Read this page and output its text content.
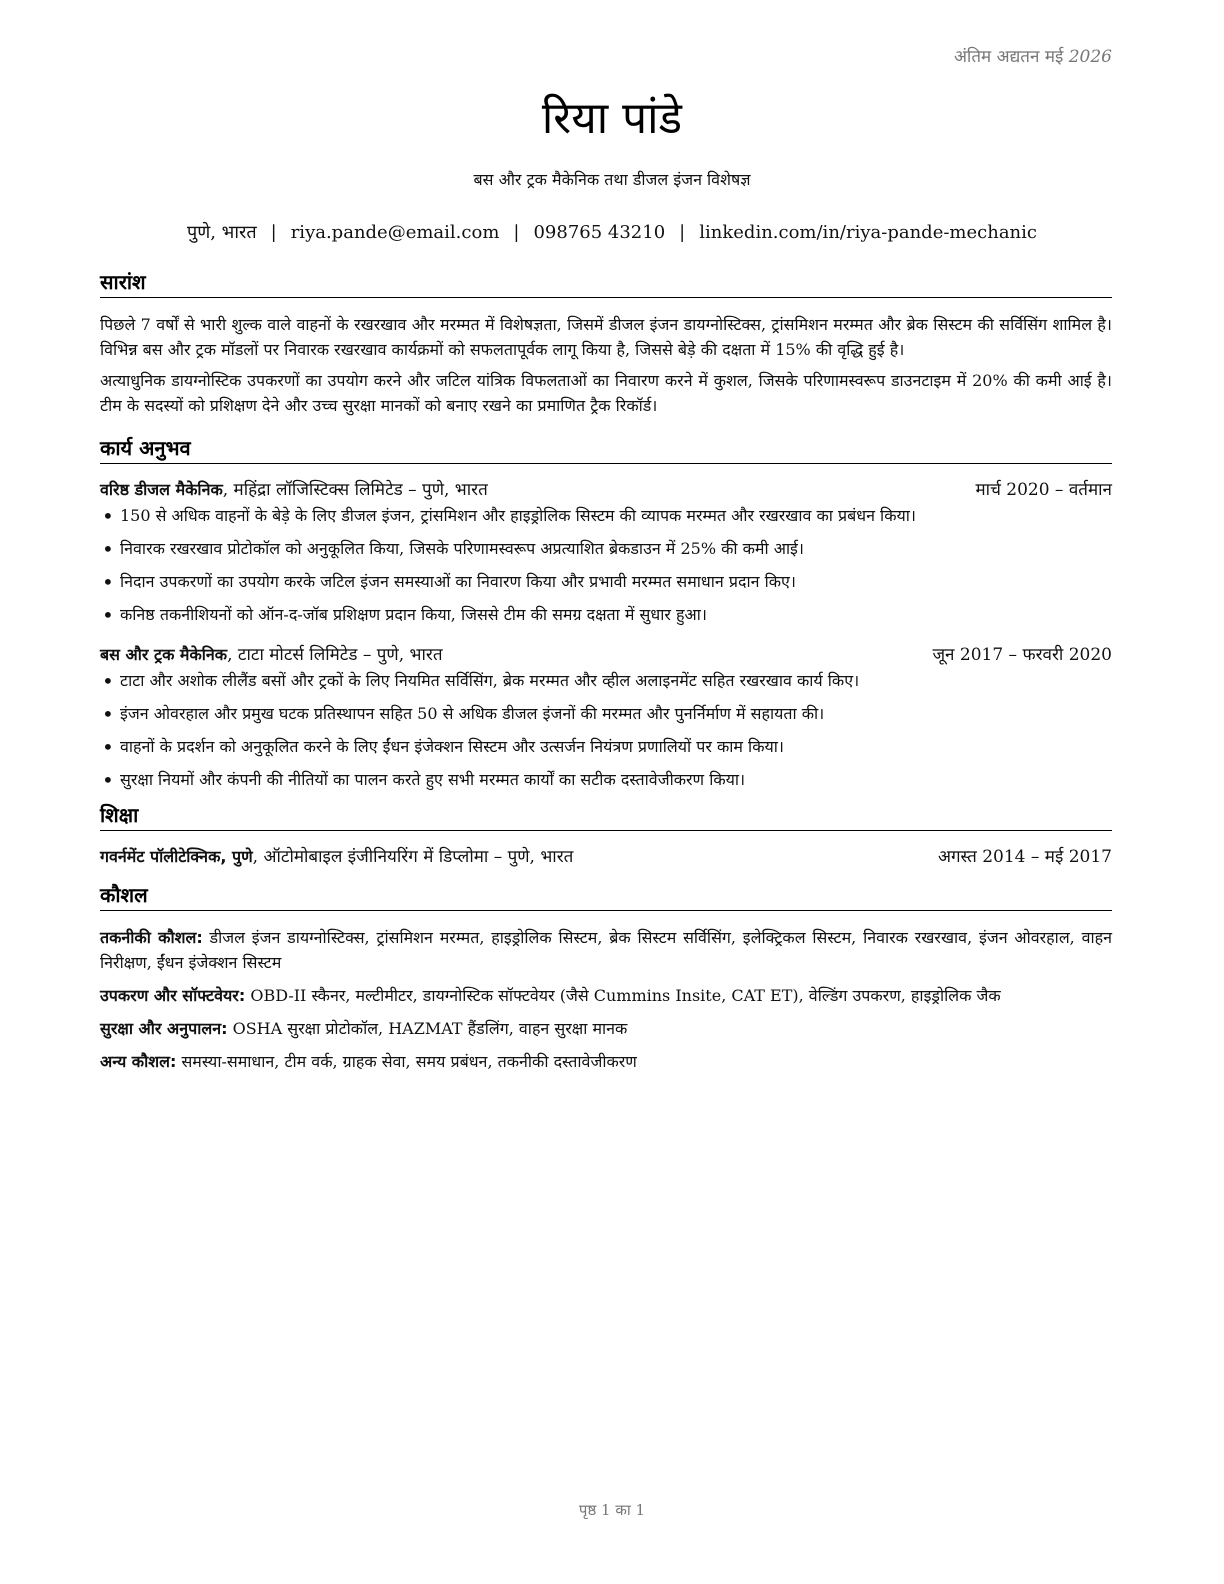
अंतिम अद्यतन मई 2026
रिया पांडे
बस और ट्रक मैकेनिक तथा डीजल इंजन विशेषज्ञ
पुणे, भारत | riya.pande@email.com | 098765 43210 | linkedin.com/in/riya-pande-mechanic
सारांश

पिछले 7 वर्षों से भारी शुल्क वाले वाहनों के रखरखाव और मरम्मत में विशेषज्ञता, जिसमें डीजल इंजन डायग्नोस्टिक्स, ट्रांसमिशन मरम्मत और ब्रेक सिस्टम की सर्विसिंग शामिल है। विभिन्न बस और ट्रक मॉडलों पर निवारक रखरखाव कार्यक्रमों को सफलतापूर्वक लागू किया है, जिससे बेड़े की दक्षता में 15% की वृद्धि हुई है।

अत्याधुनिक डायग्नोस्टिक उपकरणों का उपयोग करने और जटिल यांत्रिक विफलताओं का निवारण करने में कुशल, जिसके परिणामस्वरूप डाउनटाइम में 20% की कमी आई है। टीम के सदस्यों को प्रशिक्षण देने और उच्च सुरक्षा मानकों को बनाए रखने का प्रमाणित ट्रैक रिकॉर्ड।

कार्य अनुभव
वरिष्ठ डीजल मैकेनिक, महिंद्रा लॉजिस्टिक्स लिमिटेड – पुणे, भारत	मार्च 2020 – वर्तमान
• 150 से अधिक वाहनों के बेड़े के लिए डीजल इंजन, ट्रांसमिशन और हाइड्रोलिक सिस्टम की व्यापक मरम्मत और रखरखाव का प्रबंधन किया।
• निवारक रखरखाव प्रोटोकॉल को अनुकूलित किया, जिसके परिणामस्वरूप अप्रत्याशित ब्रेकडाउन में 25% की कमी आई।
• निदान उपकरणों का उपयोग करके जटिल इंजन समस्याओं का निवारण किया और प्रभावी मरम्मत समाधान प्रदान किए।
• कनिष्ठ तकनीशियनों को ऑन-द-जॉब प्रशिक्षण प्रदान किया, जिससे टीम की समग्र दक्षता में सुधार हुआ।
बस और ट्रक मैकेनिक, टाटा मोटर्स लिमिटेड – पुणे, भारत	जून 2017 – फरवरी 2020
• टाटा और अशोक लीलैंड बसों और ट्रकों के लिए नियमित सर्विसिंग, ब्रेक मरम्मत और व्हील अलाइनमेंट सहित रखरखाव कार्य किए।
• इंजन ओवरहाल और प्रमुख घटक प्रतिस्थापन सहित 50 से अधिक डीजल इंजनों की मरम्मत और पुनर्निर्माण में सहायता की।
• वाहनों के प्रदर्शन को अनुकूलित करने के लिए ईंधन इंजेक्शन सिस्टम और उत्सर्जन नियंत्रण प्रणालियों पर काम किया।
• सुरक्षा नियमों और कंपनी की नीतियों का पालन करते हुए सभी मरम्मत कार्यों का सटीक दस्तावेजीकरण किया।
शिक्षा
गवर्नमेंट पॉलीटेक्निक, पुणे, ऑटोमोबाइल इंजीनियरिंग में डिप्लोमा – पुणे, भारत	अगस्त 2014 – मई 2017
कौशल
तकनीकी कौशल: डीजल इंजन डायग्नोस्टिक्स, ट्रांसमिशन मरम्मत, हाइड्रोलिक सिस्टम, ब्रेक सिस्टम सर्विसिंग, इलेक्ट्रिकल सिस्टम, निवारक रखरखाव, इंजन ओवरहाल, वाहन निरीक्षण, ईंधन इंजेक्शन सिस्टम
उपकरण और सॉफ्टवेयर: OBD-II स्कैनर, मल्टीमीटर, डायग्नोस्टिक सॉफ्टवेयर (जैसे Cummins Insite, CAT ET), वेल्डिंग उपकरण, हाइड्रोलिक जैक
सुरक्षा और अनुपालन: OSHA सुरक्षा प्रोटोकॉल, HAZMAT हैंडलिंग, वाहन सुरक्षा मानक
अन्य कौशल: समस्या-समाधान, टीम वर्क, ग्राहक सेवा, समय प्रबंधन, तकनीकी दस्तावेजीकरण
पृष्ठ 1 का 1
